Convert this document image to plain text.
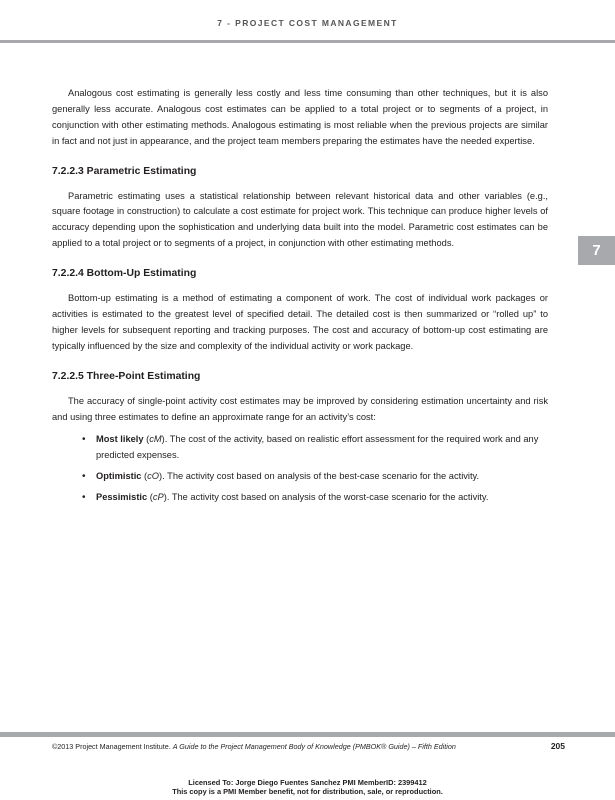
7 - PROJECT COST MANAGEMENT
7

Analogous cost estimating is generally less costly and less time consuming than other techniques, but it is also generally less accurate. Analogous cost estimates can be applied to a total project or to segments of a project, in conjunction with other estimating methods. Analogous estimating is most reliable when the previous projects are similar in fact and not just in appearance, and the project team members preparing the estimates have the needed expertise.

7.2.2.3 Parametric Estimating

Parametric estimating uses a statistical relationship between relevant historical data and other variables (e.g., square footage in construction) to calculate a cost estimate for project work. This technique can produce higher levels of accuracy depending upon the sophistication and underlying data built into the model. Parametric cost estimates can be applied to a total project or to segments of a project, in conjunction with other estimating methods.

7.2.2.4 Bottom-Up Estimating

Bottom-up estimating is a method of estimating a component of work. The cost of individual work packages or activities is estimated to the greatest level of specified detail. The detailed cost is then summarized or “rolled up” to higher levels for subsequent reporting and tracking purposes. The cost and accuracy of bottom-up cost estimating are typically influenced by the size and complexity of the individual activity or work package.

7.2.2.5 Three-Point Estimating

The accuracy of single-point activity cost estimates may be improved by considering estimation uncertainty and risk and using three estimates to define an approximate range for an activity’s cost:

• Most likely (cM). The cost of the activity, based on realistic effort assessment for the required work and any predicted expenses.
• Optimistic (cO). The activity cost based on analysis of the best-case scenario for the activity.
• Pessimistic (cP). The activity cost based on analysis of the worst-case scenario for the activity.
©2013 Project Management Institute. A Guide to the Project Management Body of Knowledge (PMBOK® Guide) – Fifth Edition	205
Licensed To: Jorge Diego Fuentes Sanchez PMI MemberID: 2399412
This copy is a PMI Member benefit, not for distribution, sale, or reproduction.
